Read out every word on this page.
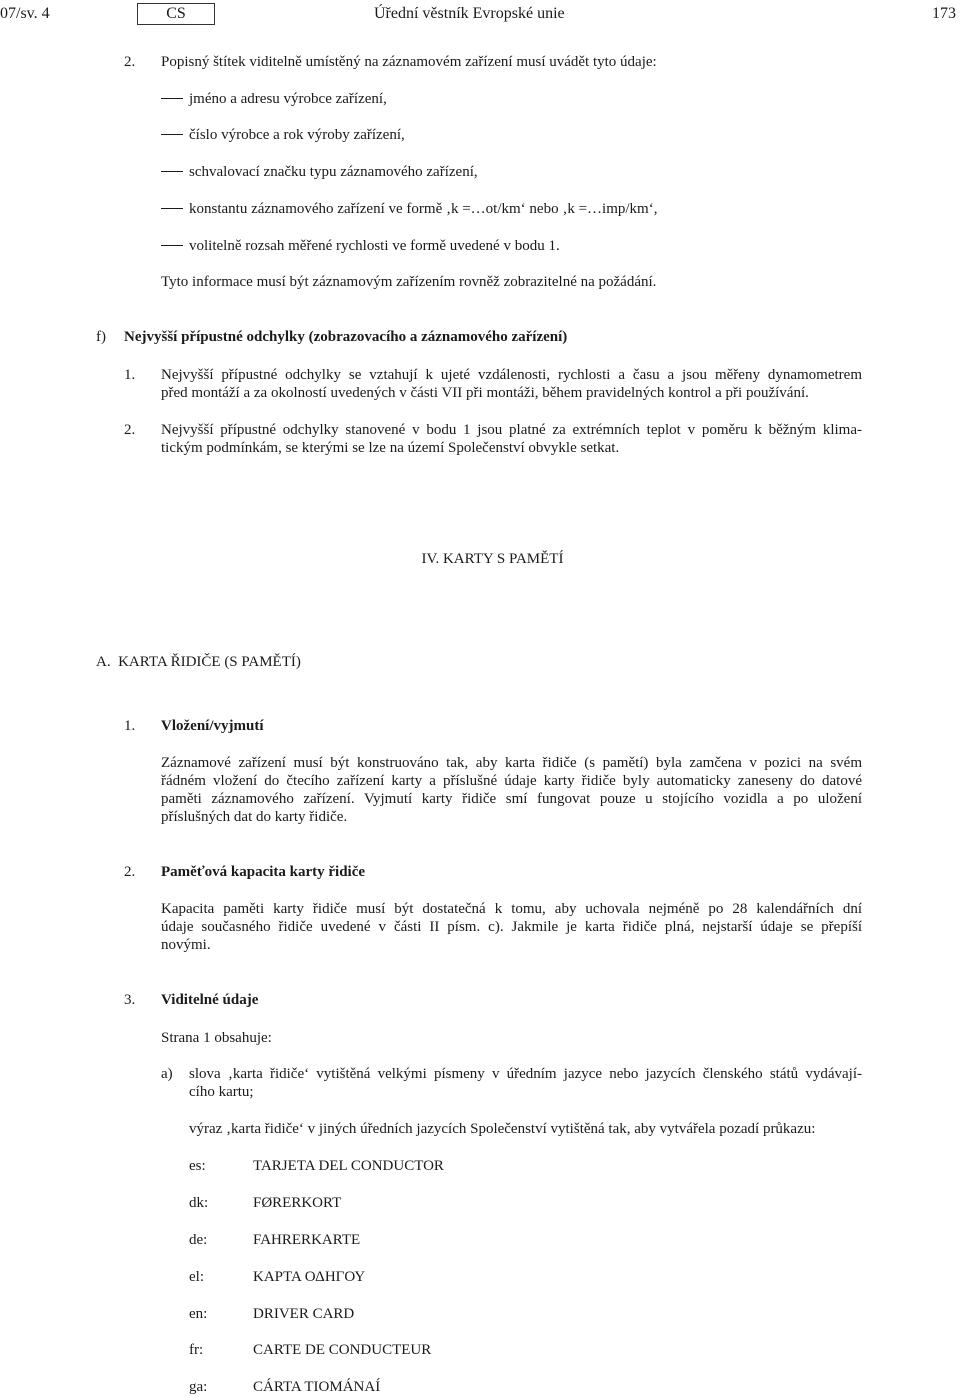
07/sv. 4	CS	Úřední věstník Evropské unie	173
2. Popisný štítek viditelně umístěný na záznamovém zařízení musí uvádět tyto údaje:
jméno a adresu výrobce zařízení,
číslo výrobce a rok výroby zařízení,
schvalovací značku typu záznamového zařízení,
konstantu záznamového zařízení ve formě ‚k =…ot/km‘ nebo ‚k =…imp/km‘,
volitelně rozsah měřené rychlosti ve formě uvedené v bodu 1.
Tyto informace musí být záznamovým zařízením rovněž zobrazitelné na požádání.
f) Nejvyšší přípustné odchylky (zobrazovacího a záznamového zařízení)
1. Nejvyšší přípustné odchylky se vztahují k ujeté vzdálenosti, rychlosti a času a jsou měřeny dynamometrem
před montáží a za okolností uvedených v části VII při montáži, během pravidelných kontrol a při používání.
2. Nejvyšší přípustné odchylky stanovené v bodu 1 jsou platné za extrémních teplot v poměru k běžným klima-
tickým podmínkám, se kterými se lze na území Společenství obvykle setkat.
IV. KARTY S PAMĚTÍ
A.  KARTA ŘIDIČE (S PAMĚTÍ)
1. Vložení/vyjmutí
Záznamové zařízení musí být konstruováno tak, aby karta řidiče (s pamětí) byla zamčena v pozici na svém
řádném vložení do čtecího zařízení karty a příslušné údaje karty řidiče byly automaticky zaneseny do datové
paměti záznamového zařízení. Vyjmutí karty řidiče smí fungovat pouze u stojícího vozidla a po uložení
příslušných dat do karty řidiče.
2. Paměťová kapacita karty řidiče
Kapacita paměti karty řidiče musí být dostatečná k tomu, aby uchovala nejméně po 28 kalendářních dní
údaje současného řidiče uvedené v části II písm. c). Jakmile je karta řidiče plná, nejstarší údaje se přepíší
novými.
3. Viditelné údaje
Strana 1 obsahuje:
a) slova ‚karta řidiče‘ vytištěná velkými písmeny v úředním jazyce nebo jazycích členského států vydávají-
cího kartu;
výraz ‚karta řidiče‘ v jiných úředních jazycích Společenství vytištěná tak, aby vytvářela pozadí průkazu:
es:	TARJETA DEL CONDUCTOR
dk:	FØRERKORT
de:	FAHRERKARTE
el:	ΚΑΡΤΑ ΟΔΗΓΟΥ
en:	DRIVER CARD
fr:	CARTE DE CONDUCTEUR
ga:	CÁRTA TIOMÁNAÍ
